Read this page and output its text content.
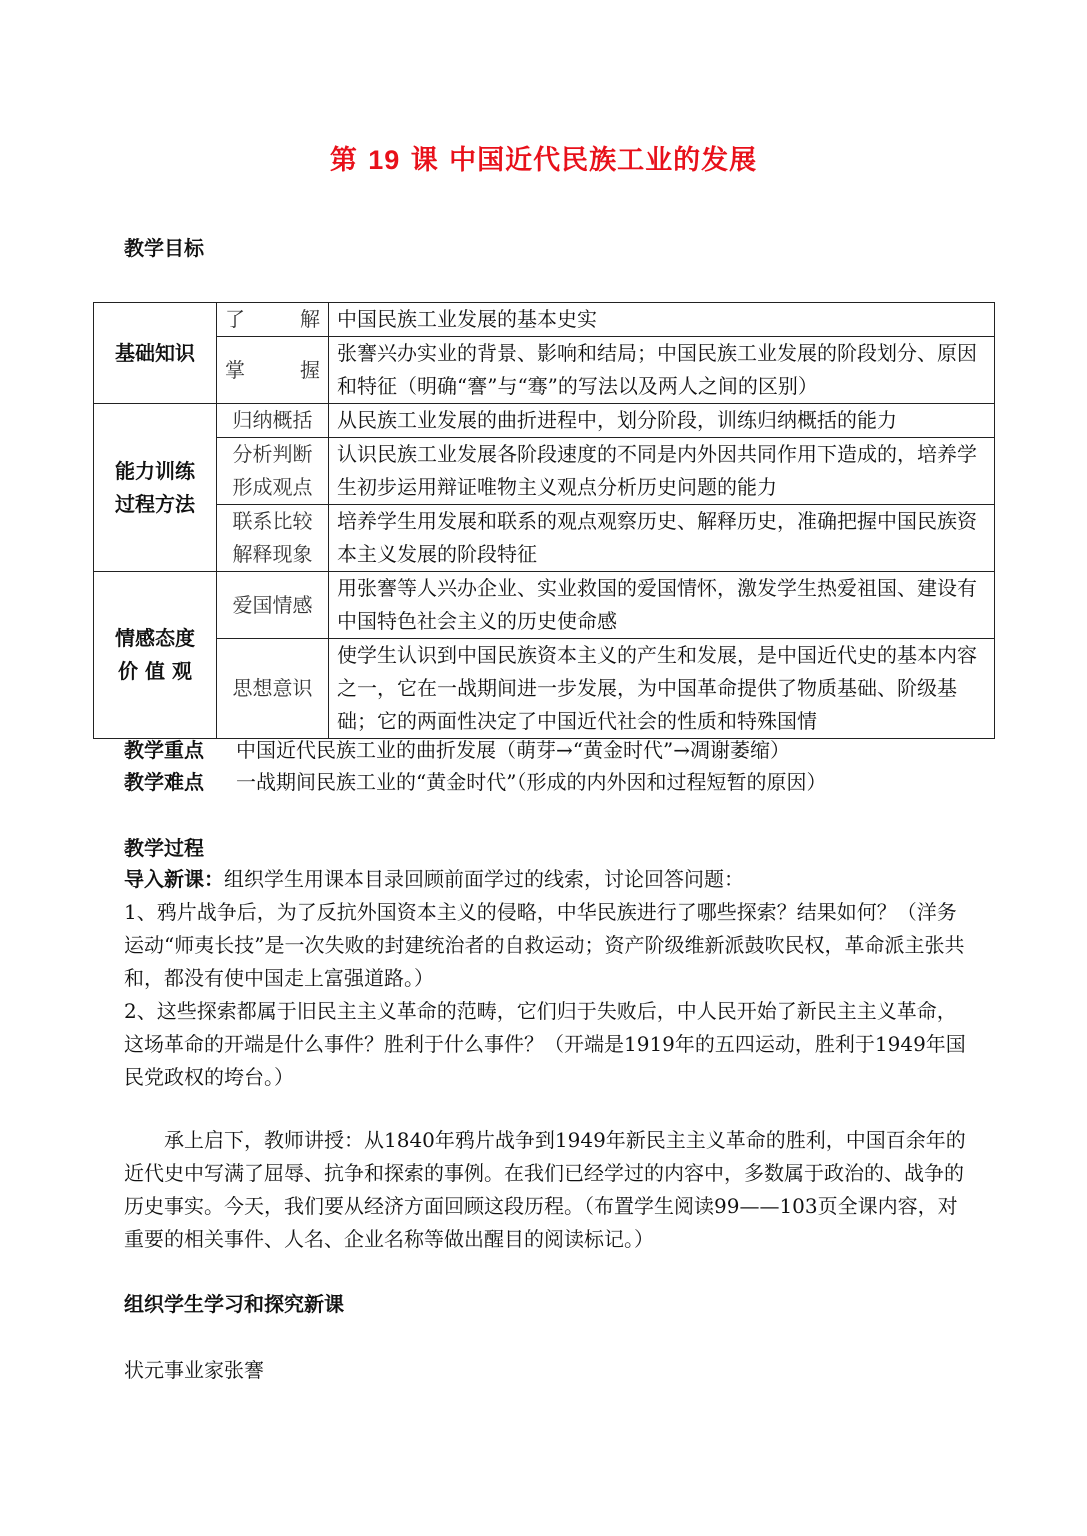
第 19 课 中国近代民族工业的发展
教学目标
基础知识	了　　解	中国民族工业发展的基本史实
	掌　　握	张謇兴办实业的背景、影响和结局；中国民族工业发展的阶段划分、原因和特征（明确“謇”与“骞”的写法以及两人之间的区别）

能力训练
过程方法	归纳概括	从民族工业发展的曲折进程中，划分阶段，训练归纳概括的能力
	分析判断形成观点	认识民族工业发展各阶段速度的不同是内外因共同作用下造成的，培养学生初步运用辩证唯物主义观点分析历史问题的能力
	联系比较解释现象	培养学生用发展和联系的观点观察历史、解释历史，准确把握中国民族资本主义发展的阶段特征

情感态度
价 值 观	爱国情感	用张謇等人兴办企业、实业救国的爱国情怀，激发学生热爱祖国、建设有中国特色社会主义的历史使命感
	思想意识	使学生认识到中国民族资本主义的产生和发展，是中国近代史的基本内容之一，它在一战期间进一步发展，为中国革命提供了物质基础、阶级基础；它的两面性决定了中国近代社会的性质和特殊国情
教学重点 中国近代民族工业的曲折发展（萌芽→“黄金时代”→凋谢萎缩）
教学难点 一战期间民族工业的“黄金时代”（形成的内外因和过程短暂的原因）
教学过程
导入新课：组织学生用课本目录回顾前面学过的线索，讨论回答问题：
1、鸦片战争后，为了反抗外国资本主义的侵略，中华民族进行了哪些探索？结果如何？（洋务运动“师夷长技”是一次失败的封建统治者的自救运动；资产阶级维新派鼓吹民权，革命派主张共和，都没有使中国走上富强道路。）
2、这些探索都属于旧民主主义革命的范畴，它们归于失败后，中人民开始了新民主主义革命，这场革命的开端是什么事件？胜利于什么事件？（开端是1919年的五四运动，胜利于1949年国民党政权的垮台。）
承上启下，教师讲授：从1840年鸦片战争到1949年新民主主义革命的胜利，中国百余年的近代史中写满了屈辱、抗争和探索的事例。在我们已经学过的内容中，多数属于政治的、战争的历史事实。今天，我们要从经济方面回顾这段历程。（布置学生阅读99——103页全课内容，对重要的相关事件、人名、企业名称等做出醒目的阅读标记。）
组织学生学习和探究新课
状元事业家张謇
